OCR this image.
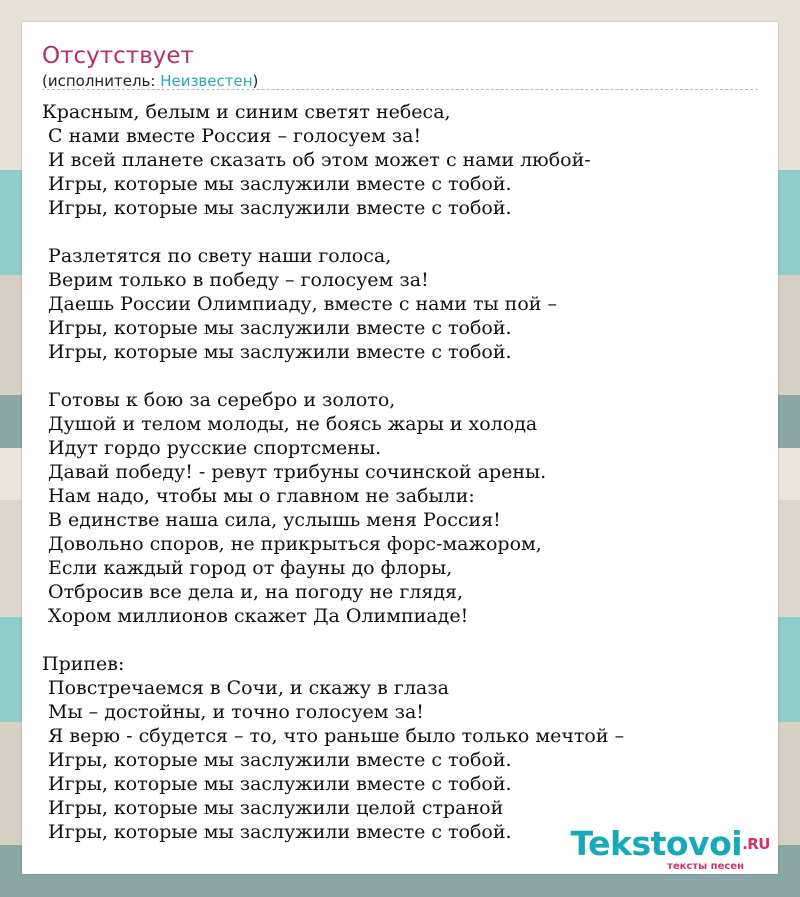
Отсутствует
(исполнитель: Неизвестен)
Красным, белым и синим светят небеса,
С нами вместе Россия – голосуем за!
И всей планете сказать об этом может с нами любой-
Игры, которые мы заслужили вместе с тобой.
Игры, которые мы заслужили вместе с тобой.

Разлетятся по свету наши голоса,
Верим только в победу – голосуем за!
Даешь России Олимпиаду, вместе с нами ты пой –
Игры, которые мы заслужили вместе с тобой.
Игры, которые мы заслужили вместе с тобой.

Готовы к бою за серебро и золото,
Душой и телом молоды, не боясь жары и холода
Идут гордо русские спортсмены.
Давай победу! - ревут трибуны сочинской арены.
Нам надо, чтобы мы о главном не забыли:
В единстве наша сила, услышь меня Россия!
Довольно споров, не прикрыться форс-мажором,
Если каждый город от фауны до флоры,
Отбросив все дела и, на погоду не глядя,
Хором миллионов скажет Да Олимпиаде!

Припев:
Повстречаемся в Сочи, и скажу в глаза
Мы – достойны, и точно голосуем за!
Я верю - сбудется – то, что раньше было только мечтой –
Игры, которые мы заслужили вместе с тобой.
Игры, которые мы заслужили вместе с тобой.
Игры, которые мы заслужили целой страной
Игры, которые мы заслужили вместе с тобой.	Tekstovoi$^{.RU}$
тексты песен
